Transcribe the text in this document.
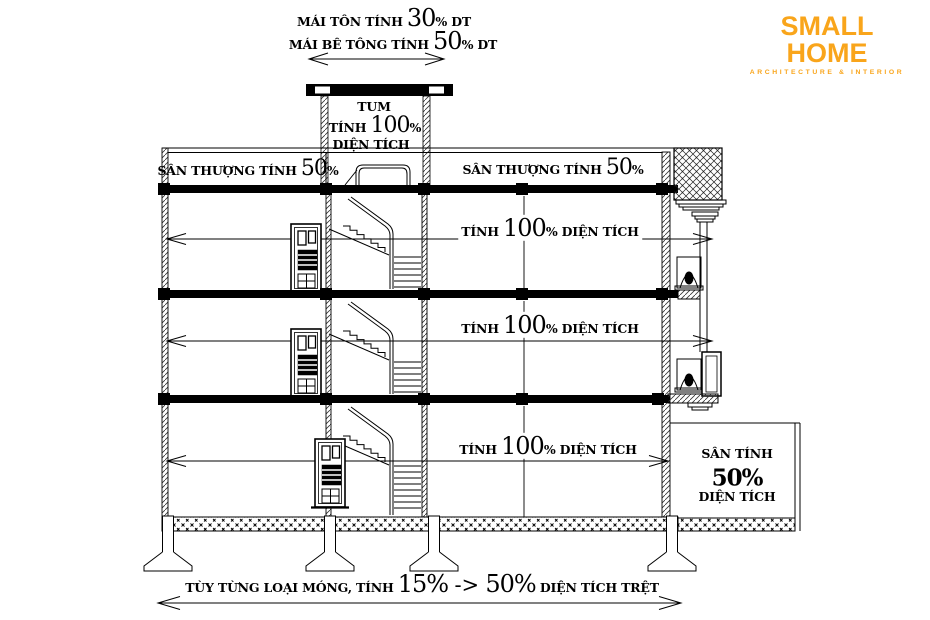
MÁI TÔN TÍNH 30% DT
MÁI BÊ TÔNG TÍNH 50% DT
TUM
TÍNH 100%
DIỆN TÍCH
SÂN THƯỢNG TÍNH 50%	SÂN THƯỢNG TÍNH 50%
TÍNH 100% DIỆN TÍCH
TÍNH 100% DIỆN TÍCH
TÍNH 100% DIỆN TÍCH	SÂN TÍNH
50%
DIỆN TÍCH
TÙY TỪNG LOẠI MÓNG, TÍNH 15% -> 50% DIỆN TÍCH TRỆT
SMALL HOME
ARCHITECTURE & INTERIOR
